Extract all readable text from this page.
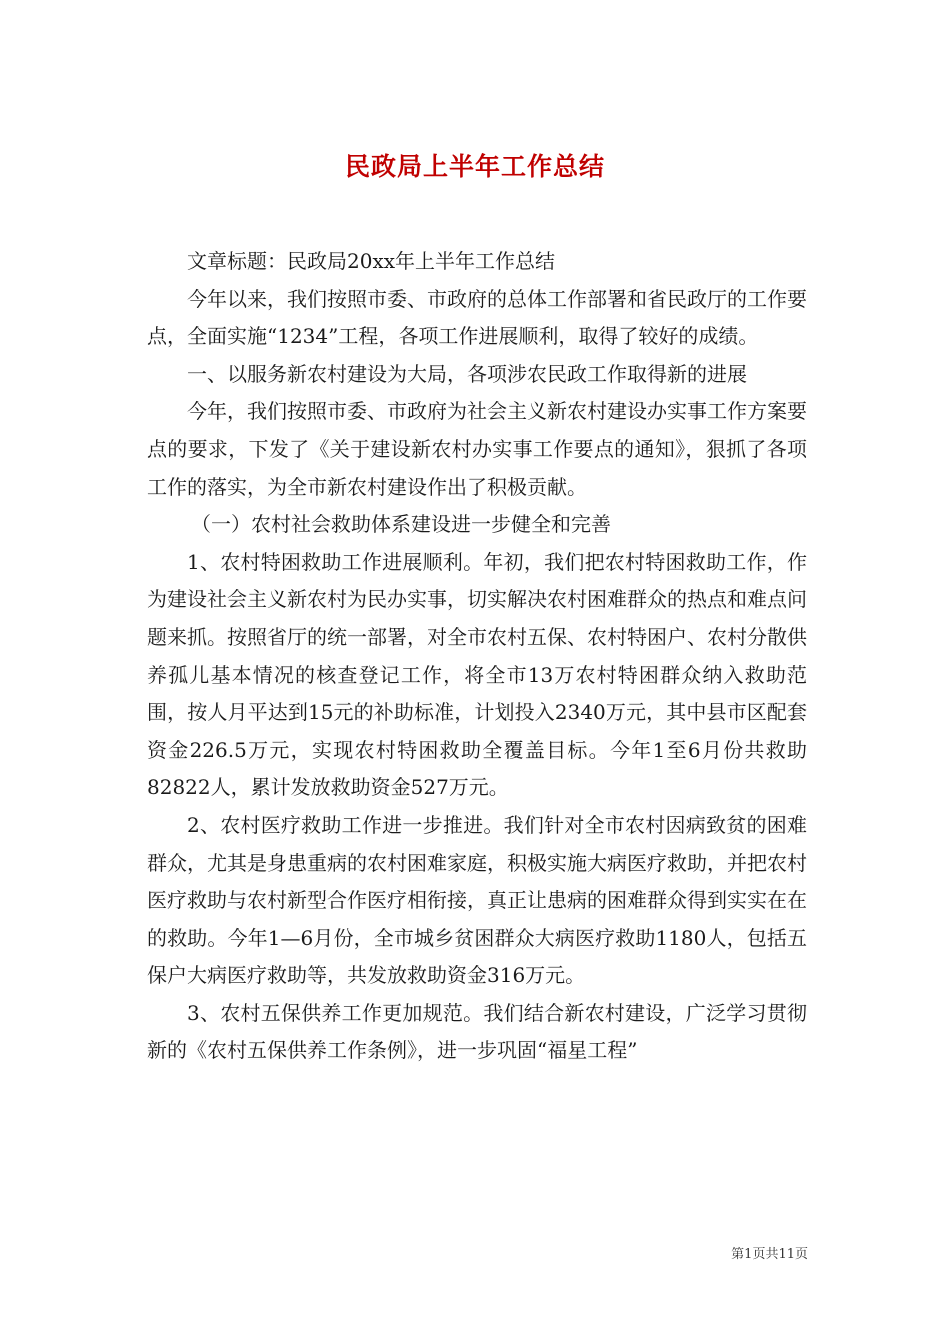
民政局上半年工作总结

文章标题：民政局20xx年上半年工作总结

今年以来，我们按照市委、市政府的总体工作部署和省民政厅的工作要点，全面实施“1234”工程，各项工作进展顺利，取得了较好的成绩。

一、以服务新农村建设为大局，各项涉农民政工作取得新的进展

今年，我们按照市委、市政府为社会主义新农村建设办实事工作方案要点的要求，下发了《关于建设新农村办实事工作要点的通知》，狠抓了各项工作的落实，为全市新农村建设作出了积极贡献。

（一）农村社会救助体系建设进一步健全和完善

1、农村特困救助工作进展顺利。年初，我们把农村特困救助工作，作为建设社会主义新农村为民办实事，切实解决农村困难群众的热点和难点问题来抓。按照省厅的统一部署，对全市农村五保、农村特困户、农村分散供养孤儿基本情况的核查登记工作，将全市13万农村特困群众纳入救助范围，按人月平达到15元的补助标准，计划投入2340万元，其中县市区配套资金226.5万元，实现农村特困救助全覆盖目标。今年1至6月份共救助82822人，累计发放救助资金527万元。

2、农村医疗救助工作进一步推进。我们针对全市农村因病致贫的困难群众，尤其是身患重病的农村困难家庭，积极实施大病医疗救助，并把农村医疗救助与农村新型合作医疗相衔接，真正让患病的困难群众得到实实在在的救助。今年1—6月份，全市城乡贫困群众大病医疗救助1180人，包括五保户大病医疗救助等，共发放救助资金316万元。

3、农村五保供养工作更加规范。我们结合新农村建设，广泛学习贯彻新的《农村五保供养工作条例》，进一步巩固“福星工程”

第1页共11页
